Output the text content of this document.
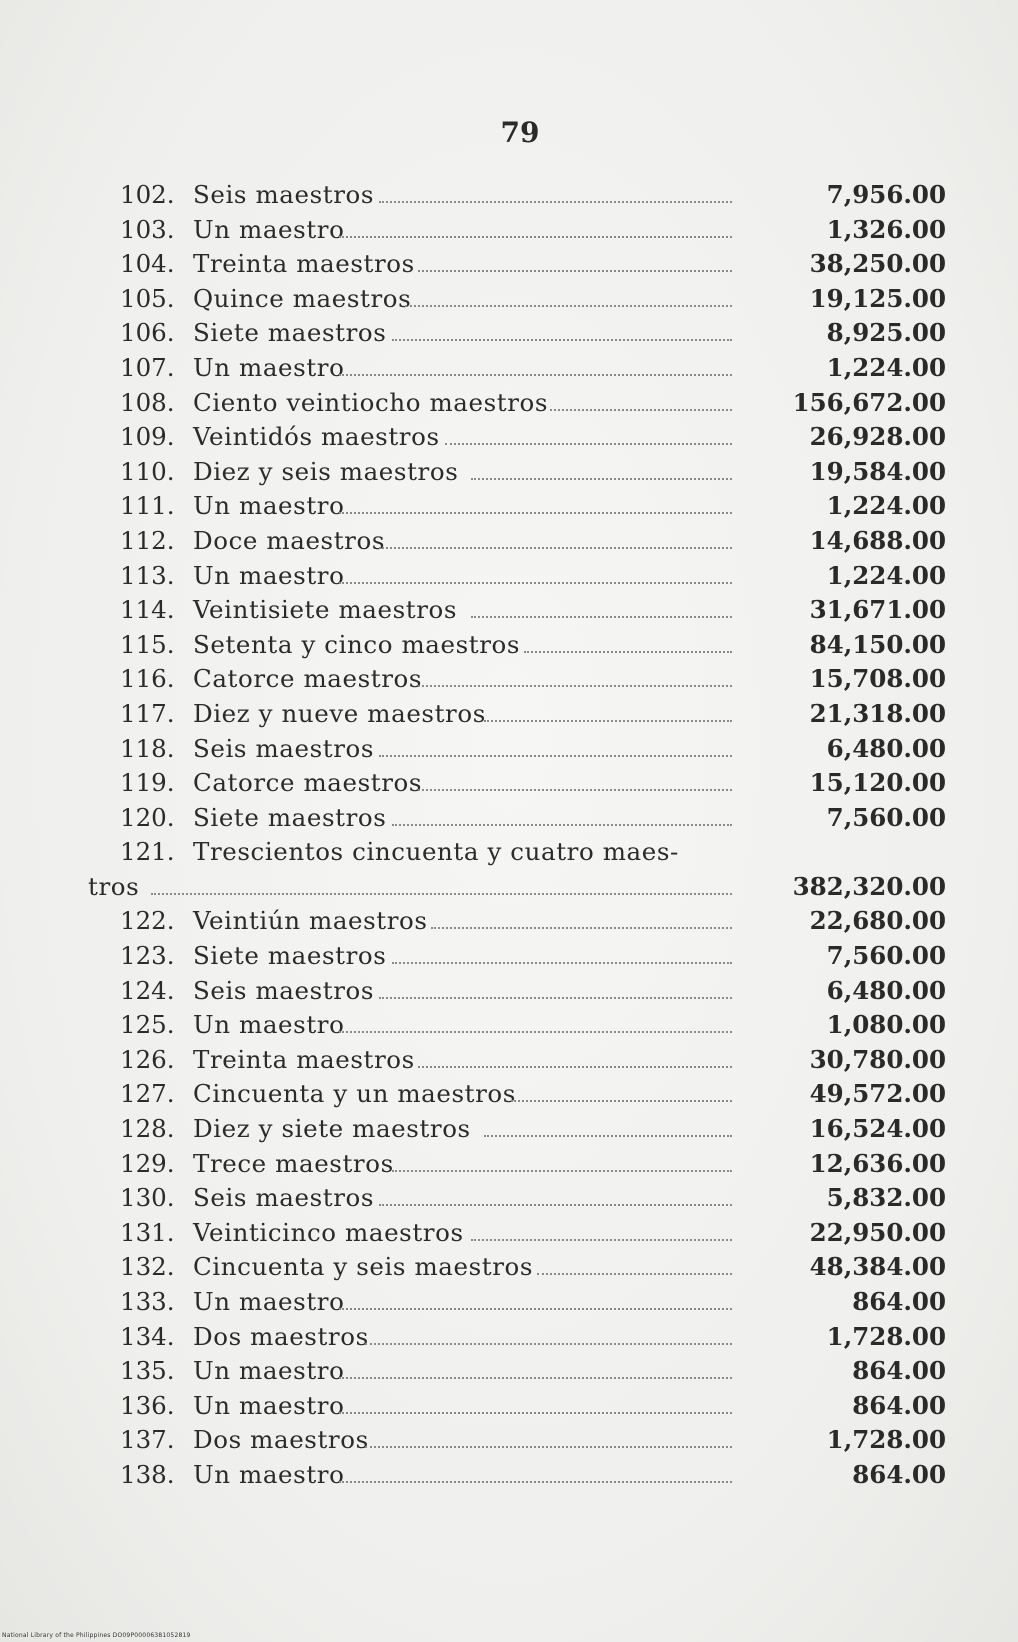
79
102. Seis maestros	7,956.00
103. Un maestro	1,326.00
104. Treinta maestros	38,250.00
105. Quince maestros	19,125.00
106. Siete maestros	8,925.00
107. Un maestro	1,224.00
108. Ciento veintiocho maestros	156,672.00
109. Veintidós maestros	26,928.00
110. Diez y seis maestros	19,584.00
111. Un maestro	1,224.00
112. Doce maestros	14,688.00
113. Un maestro	1,224.00
114. Veintisiete maestros	31,671.00
115. Setenta y cinco maestros	84,150.00
116. Catorce maestros	15,708.00
117. Diez y nueve maestros	21,318.00
118. Seis maestros	6,480.00
119. Catorce maestros	15,120.00
120. Siete maestros	7,560.00
121. Trescientos cincuenta y cuatro maes-
tros	382,320.00
122. Veintiún maestros	22,680.00
123. Siete maestros	7,560.00
124. Seis maestros	6,480.00
125. Un maestro	1,080.00
126. Treinta maestros	30,780.00
127. Cincuenta y un maestros	49,572.00
128. Diez y siete maestros	16,524.00
129. Trece maestros	12,636.00
130. Seis maestros	5,832.00
131. Veinticinco maestros	22,950.00
132. Cincuenta y seis maestros	48,384.00
133. Un maestro	864.00
134. Dos maestros	1,728.00
135. Un maestro	864.00
136. Un maestro	864.00
137. Dos maestros	1,728.00
138. Un maestro	864.00
National Library of the Philippines DO09P00006381052819
